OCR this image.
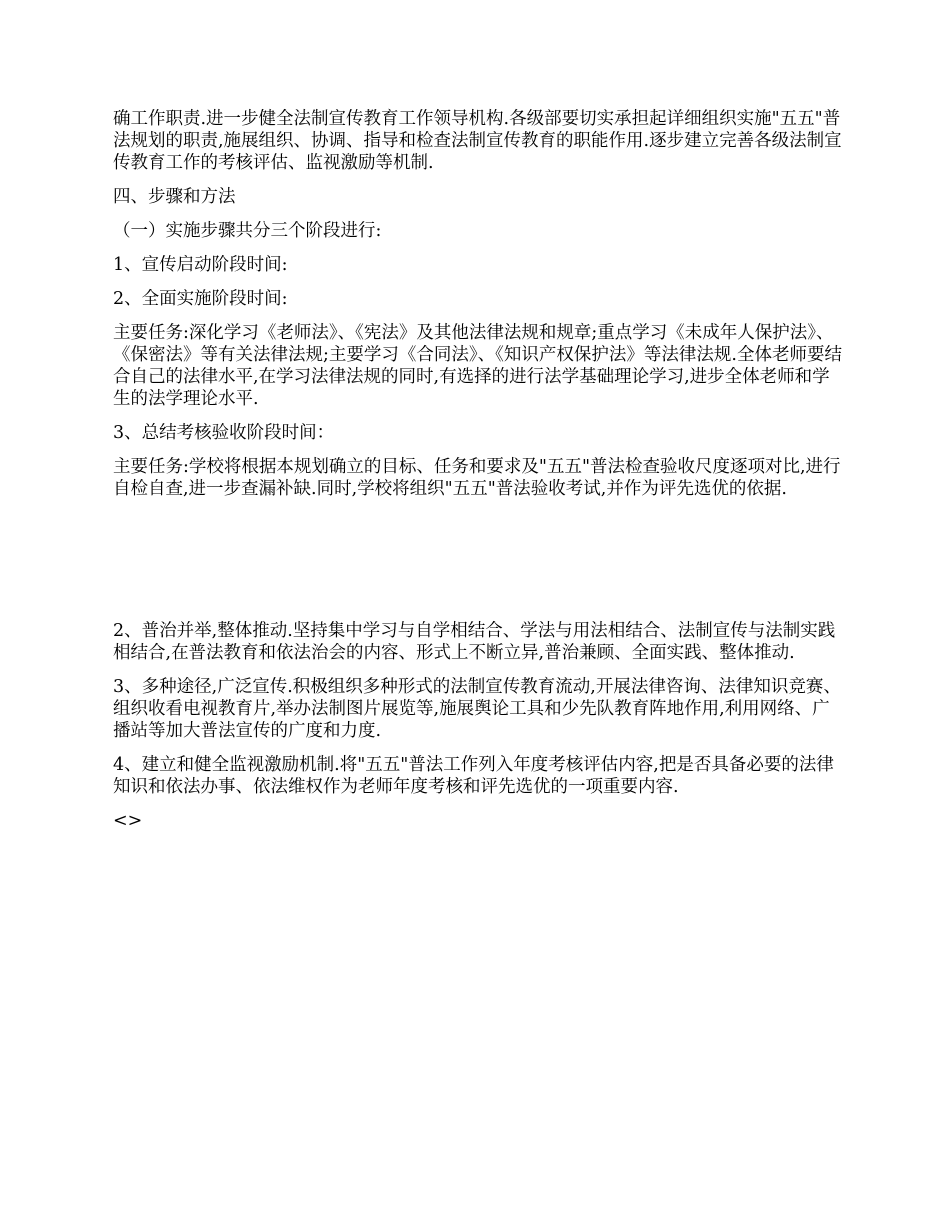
确工作职责.进一步健全法制宣传教育工作领导机构.各级部要切实承担起详细组织实施"五五"普法规划的职责,施展组织、协调、指导和检查法制宣传教育的职能作用.逐步建立完善各级法制宣传教育工作的考核评估、监视激励等机制.

四、步骤和方法

（一）实施步骤共分三个阶段进行:

1、宣传启动阶段时间:

2、全面实施阶段时间:

主要任务:深化学习《老师法》、《宪法》及其他法律法规和规章;重点学习《未成年人保护法》、《保密法》等有关法律法规;主要学习《合同法》、《知识产权保护法》等法律法规.全体老师要结合自己的法律水平,在学习法律法规的同时,有选择的进行法学基础理论学习,进步全体老师和学生的法学理论水平.

3、总结考核验收阶段时间：

主要任务:学校将根据本规划确立的目标、任务和要求及"五五"普法检查验收尺度逐项对比,进行自检自查,进一步查漏补缺.同时,学校将组织"五五"普法验收考试,并作为评先选优的依据.

2、普治并举,整体推动.坚持集中学习与自学相结合、学法与用法相结合、法制宣传与法制实践相结合,在普法教育和依法治会的内容、形式上不断立异,普治兼顾、全面实践、整体推动.

3、多种途径,广泛宣传.积极组织多种形式的法制宣传教育流动,开展法律咨询、法律知识竞赛、组织收看电视教育片,举办法制图片展览等,施展舆论工具和少先队教育阵地作用,利用网络、广播站等加大普法宣传的广度和力度.

4、建立和健全监视激励机制.将"五五"普法工作列入年度考核评估内容,把是否具备必要的法律知识和依法办事、依法维权作为老师年度考核和评先选优的一项重要内容.

<>
